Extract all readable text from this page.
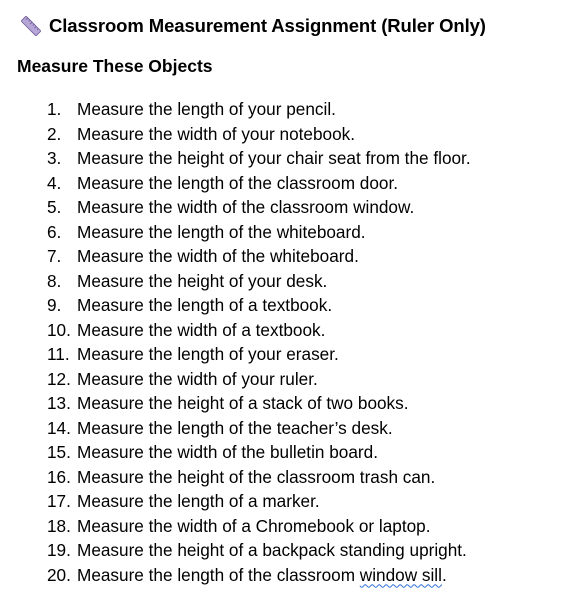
Classroom Measurement Assignment (Ruler Only)
Measure These Objects
1. Measure the length of your pencil.
2. Measure the width of your notebook.
3. Measure the height of your chair seat from the floor.
4. Measure the length of the classroom door.
5. Measure the width of the classroom window.
6. Measure the length of the whiteboard.
7. Measure the width of the whiteboard.
8. Measure the height of your desk.
9. Measure the length of a textbook.
10. Measure the width of a textbook.
11. Measure the length of your eraser.
12. Measure the width of your ruler.
13. Measure the height of a stack of two books.
14. Measure the length of the teacher’s desk.
15. Measure the width of the bulletin board.
16. Measure the height of the classroom trash can.
17. Measure the length of a marker.
18. Measure the width of a Chromebook or laptop.
19. Measure the height of a backpack standing upright.
20. Measure the length of the classroom window sill.
